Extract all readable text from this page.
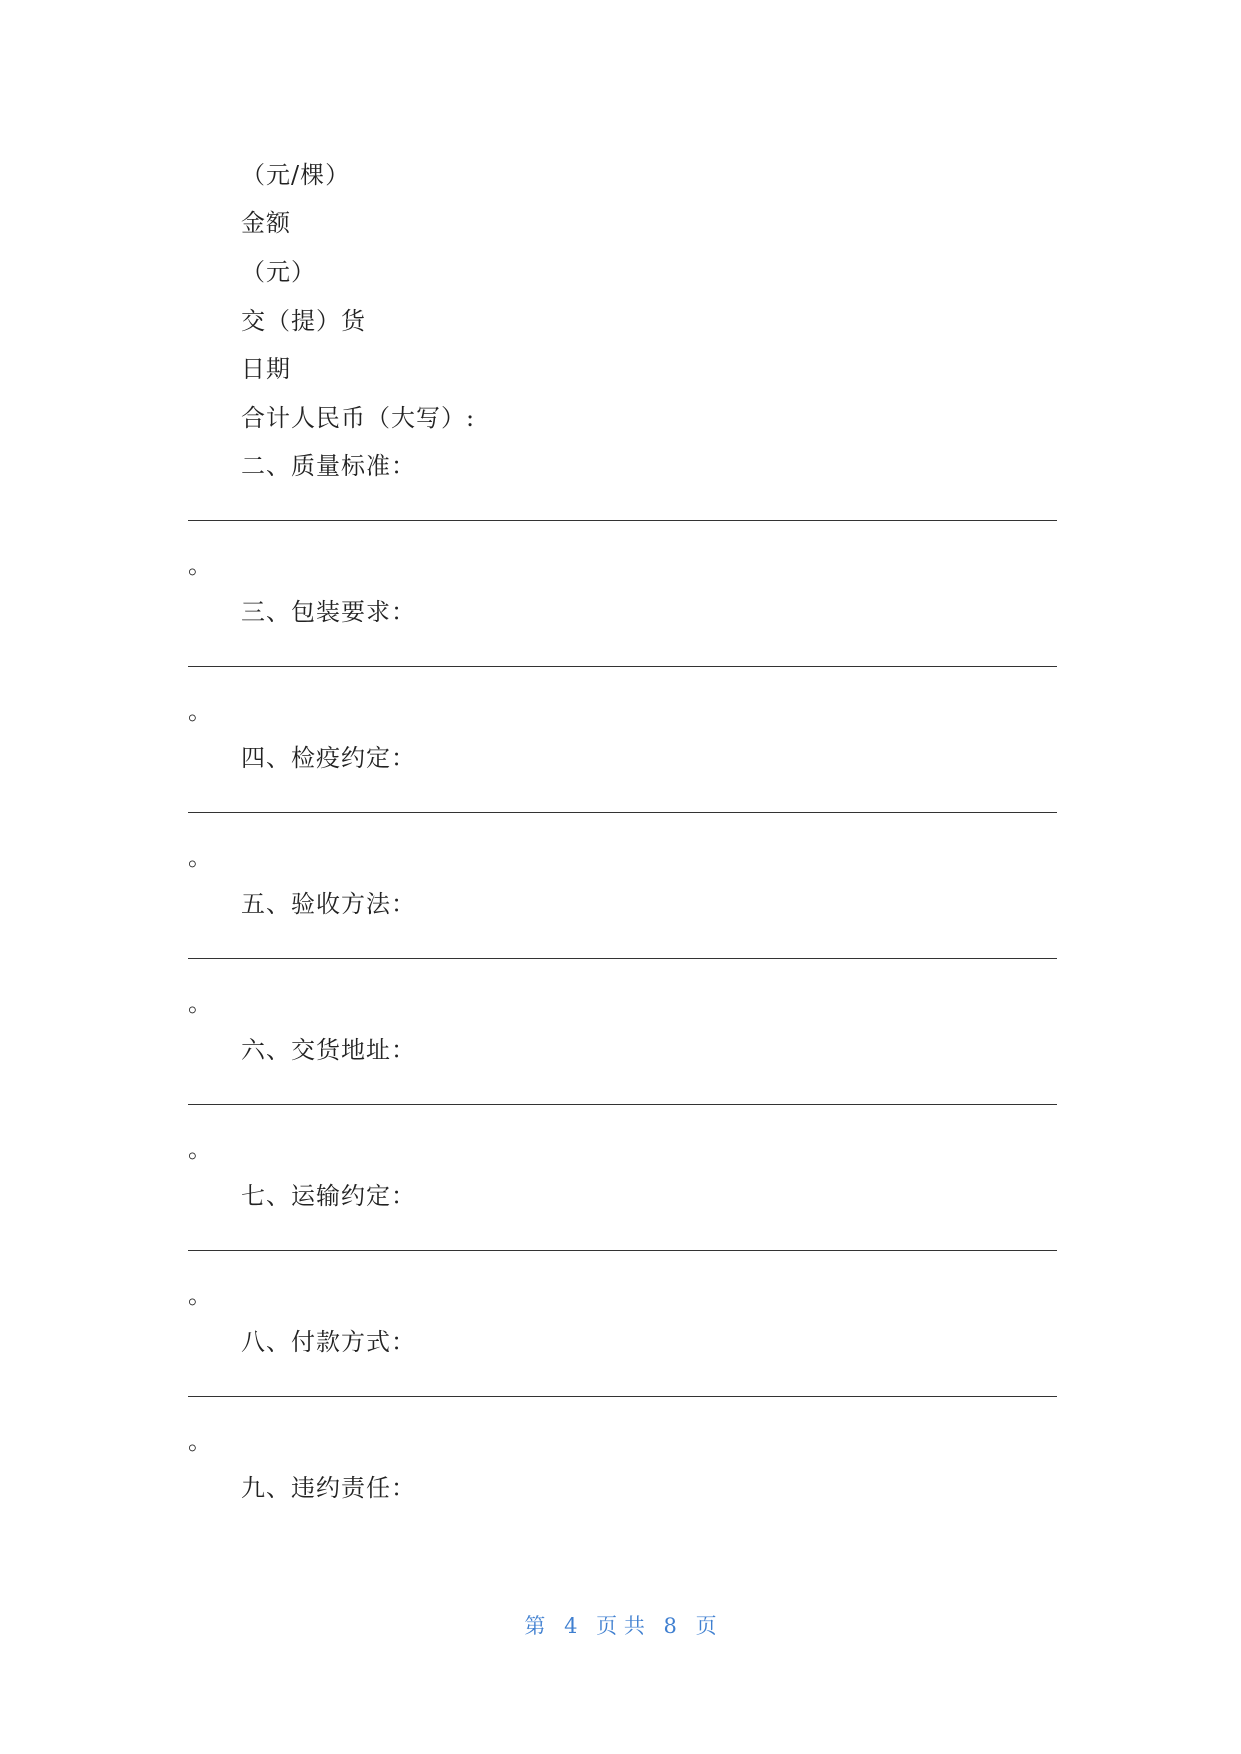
（元/棵）
金额
（元）
交（提）货
日期
合计人民币（大写）:
二、质量标准：
。
三、包装要求：
。
四、检疫约定：
。
五、验收方法：
。
六、交货地址：
。
七、运输约定：
。
八、付款方式：
。
九、违约责任：
第 4 页 共 8 页
